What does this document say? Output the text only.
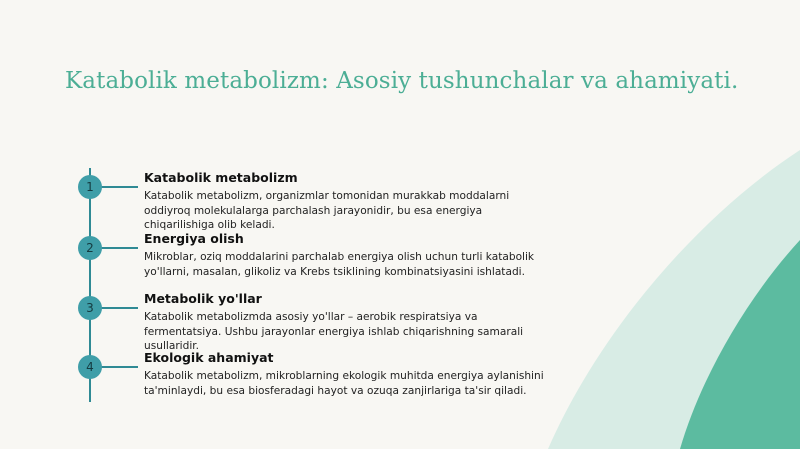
Katabolik metabolizm: Asosiy tushunchalar va ahamiyati.
1
Katabolik metabolizm

Katabolik metabolizm, organizmlar tomonidan murakkab moddalarni oddiyroq molekulalarga parchalash jarayonidir, bu esa energiya chiqarilishiga olib keladi.

2
Energiya olish

Mikroblar, oziq moddalarini parchalab energiya olish uchun turli katabolik yo'llarni, masalan, glikoliz va Krebs tsiklining kombinatsiyasini ishlatadi.

3
Metabolik yo'llar

Katabolik metabolizmda asosiy yo'llar – aerobik respiratsiya va fermentatsiya. Ushbu jarayonlar energiya ishlab chiqarishning samarali usullaridir.

4
Ekologik ahamiyat

Katabolik metabolizm, mikroblarning ekologik muhitda energiya aylanishini ta'minlaydi, bu esa biosferadagi hayot va ozuqa zanjirlariga ta'sir qiladi.
